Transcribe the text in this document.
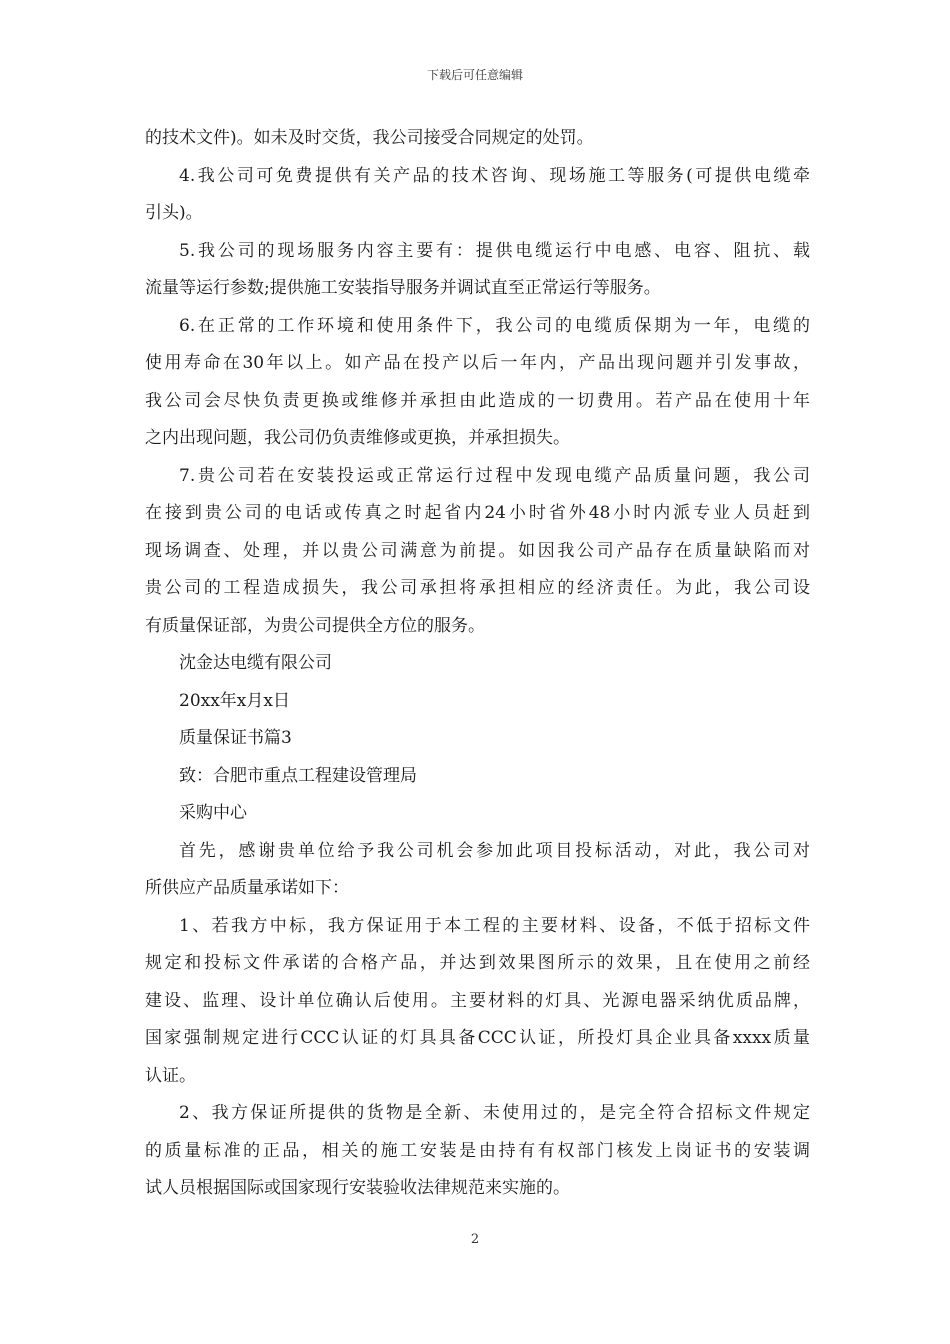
下载后可任意编辑
的技术文件)。如未及时交货，我公司接受合同规定的处罚。
4.我公司可免费提供有关产品的技术咨询、现场施工等服务(可提供电缆牵
引头)。
5.我公司的现场服务内容主要有：提供电缆运行中电感、电容、阻抗、载
流量等运行参数;提供施工安装指导服务并调试直至正常运行等服务。
6.在正常的工作环境和使用条件下，我公司的电缆质保期为一年，电缆的
使用寿命在30年以上。如产品在投产以后一年内，产品出现问题并引发事故，
我公司会尽快负责更换或维修并承担由此造成的一切费用。若产品在使用十年
之内出现问题，我公司仍负责维修或更换，并承担损失。
7.贵公司若在安装投运或正常运行过程中发现电缆产品质量问题，我公司
在接到贵公司的电话或传真之时起省内24小时省外48小时内派专业人员赶到
现场调查、处理，并以贵公司满意为前提。如因我公司产品存在质量缺陷而对
贵公司的工程造成损失，我公司承担将承担相应的经济责任。为此，我公司设
有质量保证部，为贵公司提供全方位的服务。
沈金达电缆有限公司
20xx年x月x日
质量保证书篇3
致：合肥市重点工程建设管理局
采购中心
首先，感谢贵单位给予我公司机会参加此项目投标活动，对此，我公司对
所供应产品质量承诺如下：
1、若我方中标，我方保证用于本工程的主要材料、设备，不低于招标文件
规定和投标文件承诺的合格产品，并达到效果图所示的效果，且在使用之前经
建设、监理、设计单位确认后使用。主要材料的灯具、光源电器采纳优质品牌，
国家强制规定进行CCC认证的灯具具备CCC认证，所投灯具企业具备xxxx质量
认证。
2、我方保证所提供的货物是全新、未使用过的，是完全符合招标文件规定
的质量标准的正品，相关的施工安装是由持有有权部门核发上岗证书的安装调
试人员根据国际或国家现行安装验收法律规范来实施的。
2
